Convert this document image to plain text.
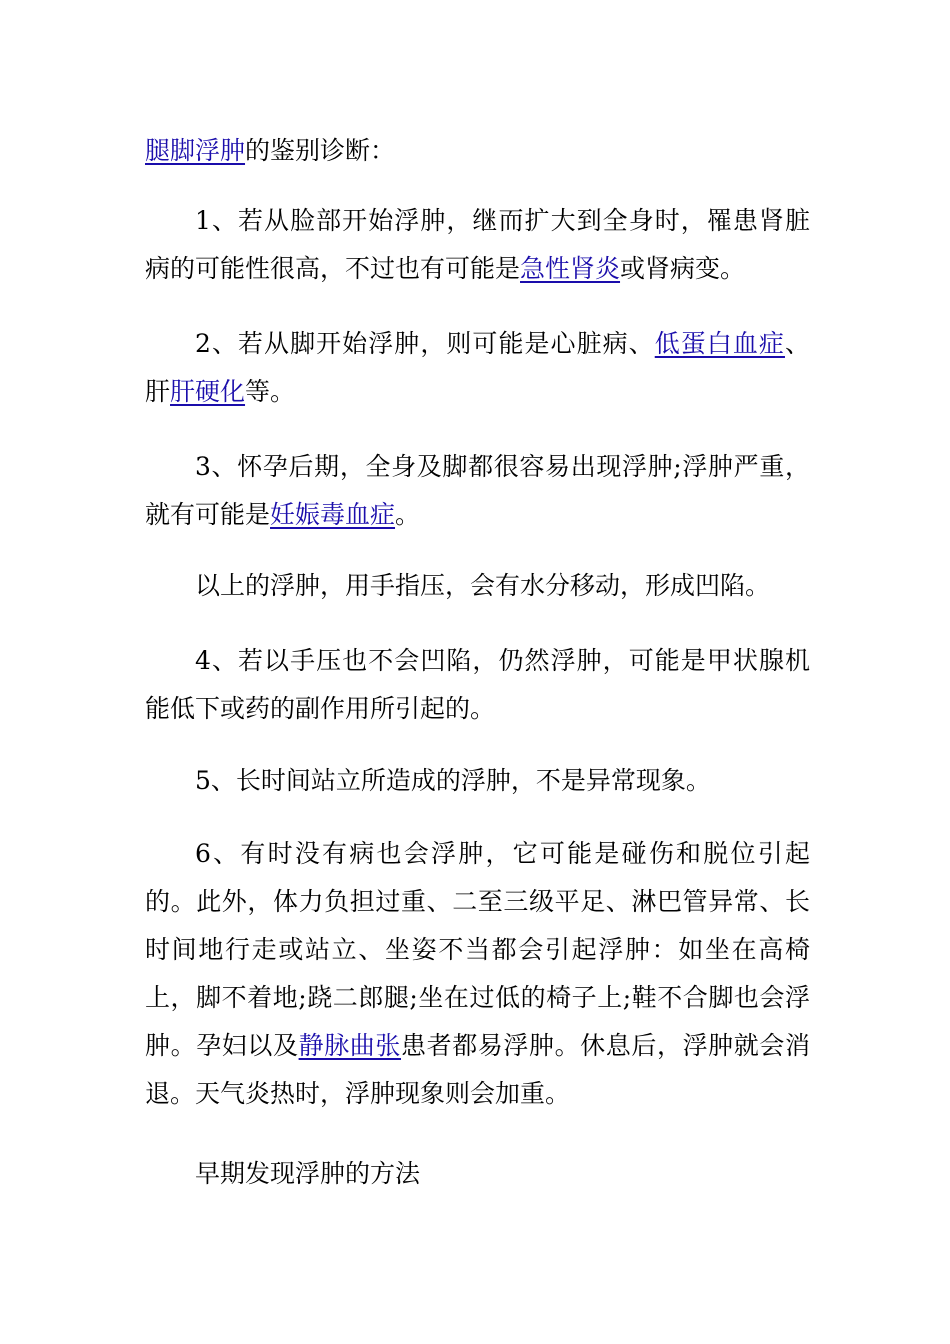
腿脚浮肿的鉴别诊断：

1、若从脸部开始浮肿，继而扩大到全身时，罹患肾脏病的可能性很高，不过也有可能是急性肾炎或肾病变。

2、若从脚开始浮肿，则可能是心脏病、低蛋白血症、肝肝硬化等。

3、怀孕后期，全身及脚都很容易出现浮肿;浮肿严重，就有可能是妊娠毒血症。

以上的浮肿，用手指压，会有水分移动，形成凹陷。

4、若以手压也不会凹陷，仍然浮肿，可能是甲状腺机能低下或药的副作用所引起的。

5、长时间站立所造成的浮肿，不是异常现象。

6、有时没有病也会浮肿，它可能是碰伤和脱位引起的。此外，体力负担过重、二至三级平足、淋巴管异常、长时间地行走或站立、坐姿不当都会引起浮肿：如坐在高椅上，脚不着地;跷二郎腿;坐在过低的椅子上;鞋不合脚也会浮肿。孕妇以及静脉曲张患者都易浮肿。休息后，浮肿就会消退。天气炎热时，浮肿现象则会加重。

早期发现浮肿的方法
